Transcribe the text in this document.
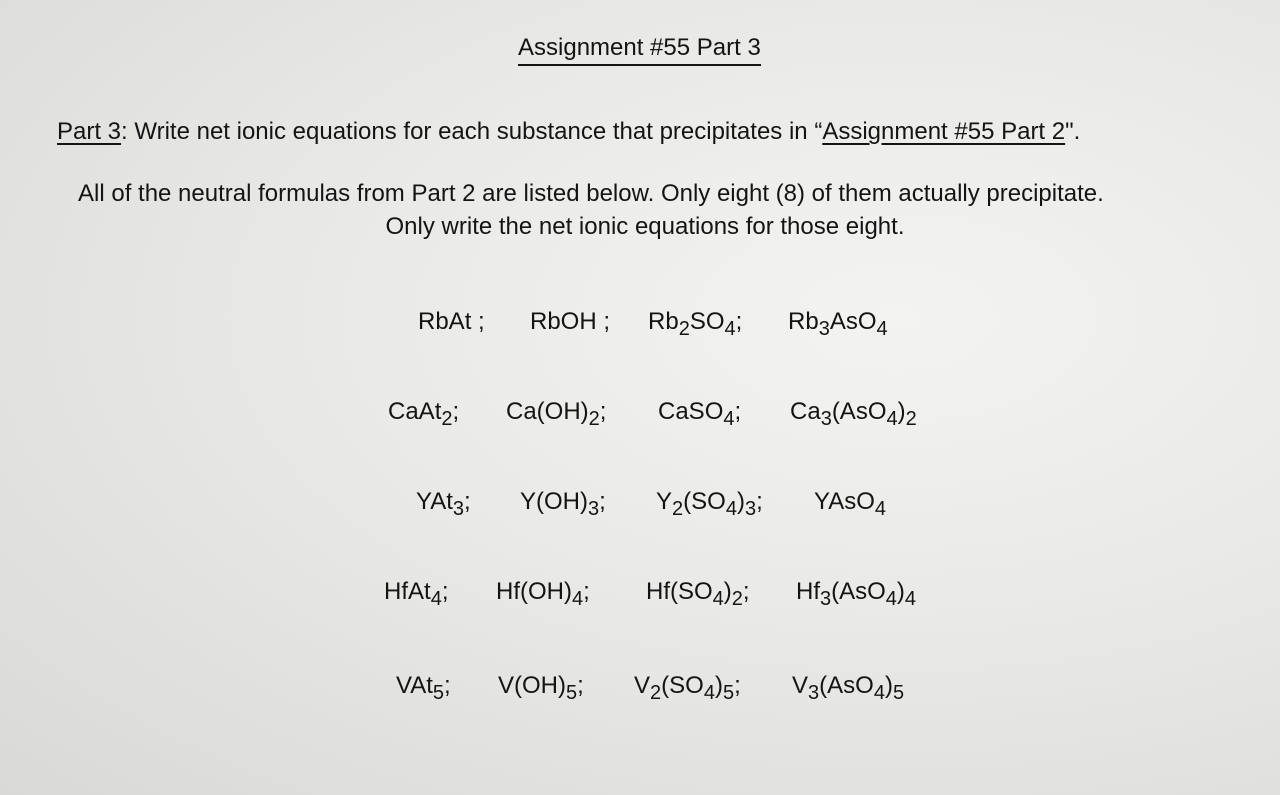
Assignment #55 Part 3
Part 3: Write net ionic equations for each substance that precipitates in “Assignment #55 Part 2".
All of the neutral formulas from Part 2 are listed below. Only eight (8) of them actually precipitate.
Only write the net ionic equations for those eight.
RbAt ; RbOH ; $Rb_2SO_4$; $Rb_3AsO_4$
CaAt$_2$; $Ca(OH)_2$; CaSO$_4$; $Ca_3(AsO_4)_2$
YAt$_3$; $Y(OH)_3$; $Y_2(SO_4)_3$; YAsO$_4$
HfAt$_4$; $Hf(OH)_4$; $Hf(SO_4)_2$; $Hf_3(AsO_4)_4$
VAt$_5$; $V(OH)_5$; $V_2(SO_4)_5$; $V_3(AsO_4)_5$
